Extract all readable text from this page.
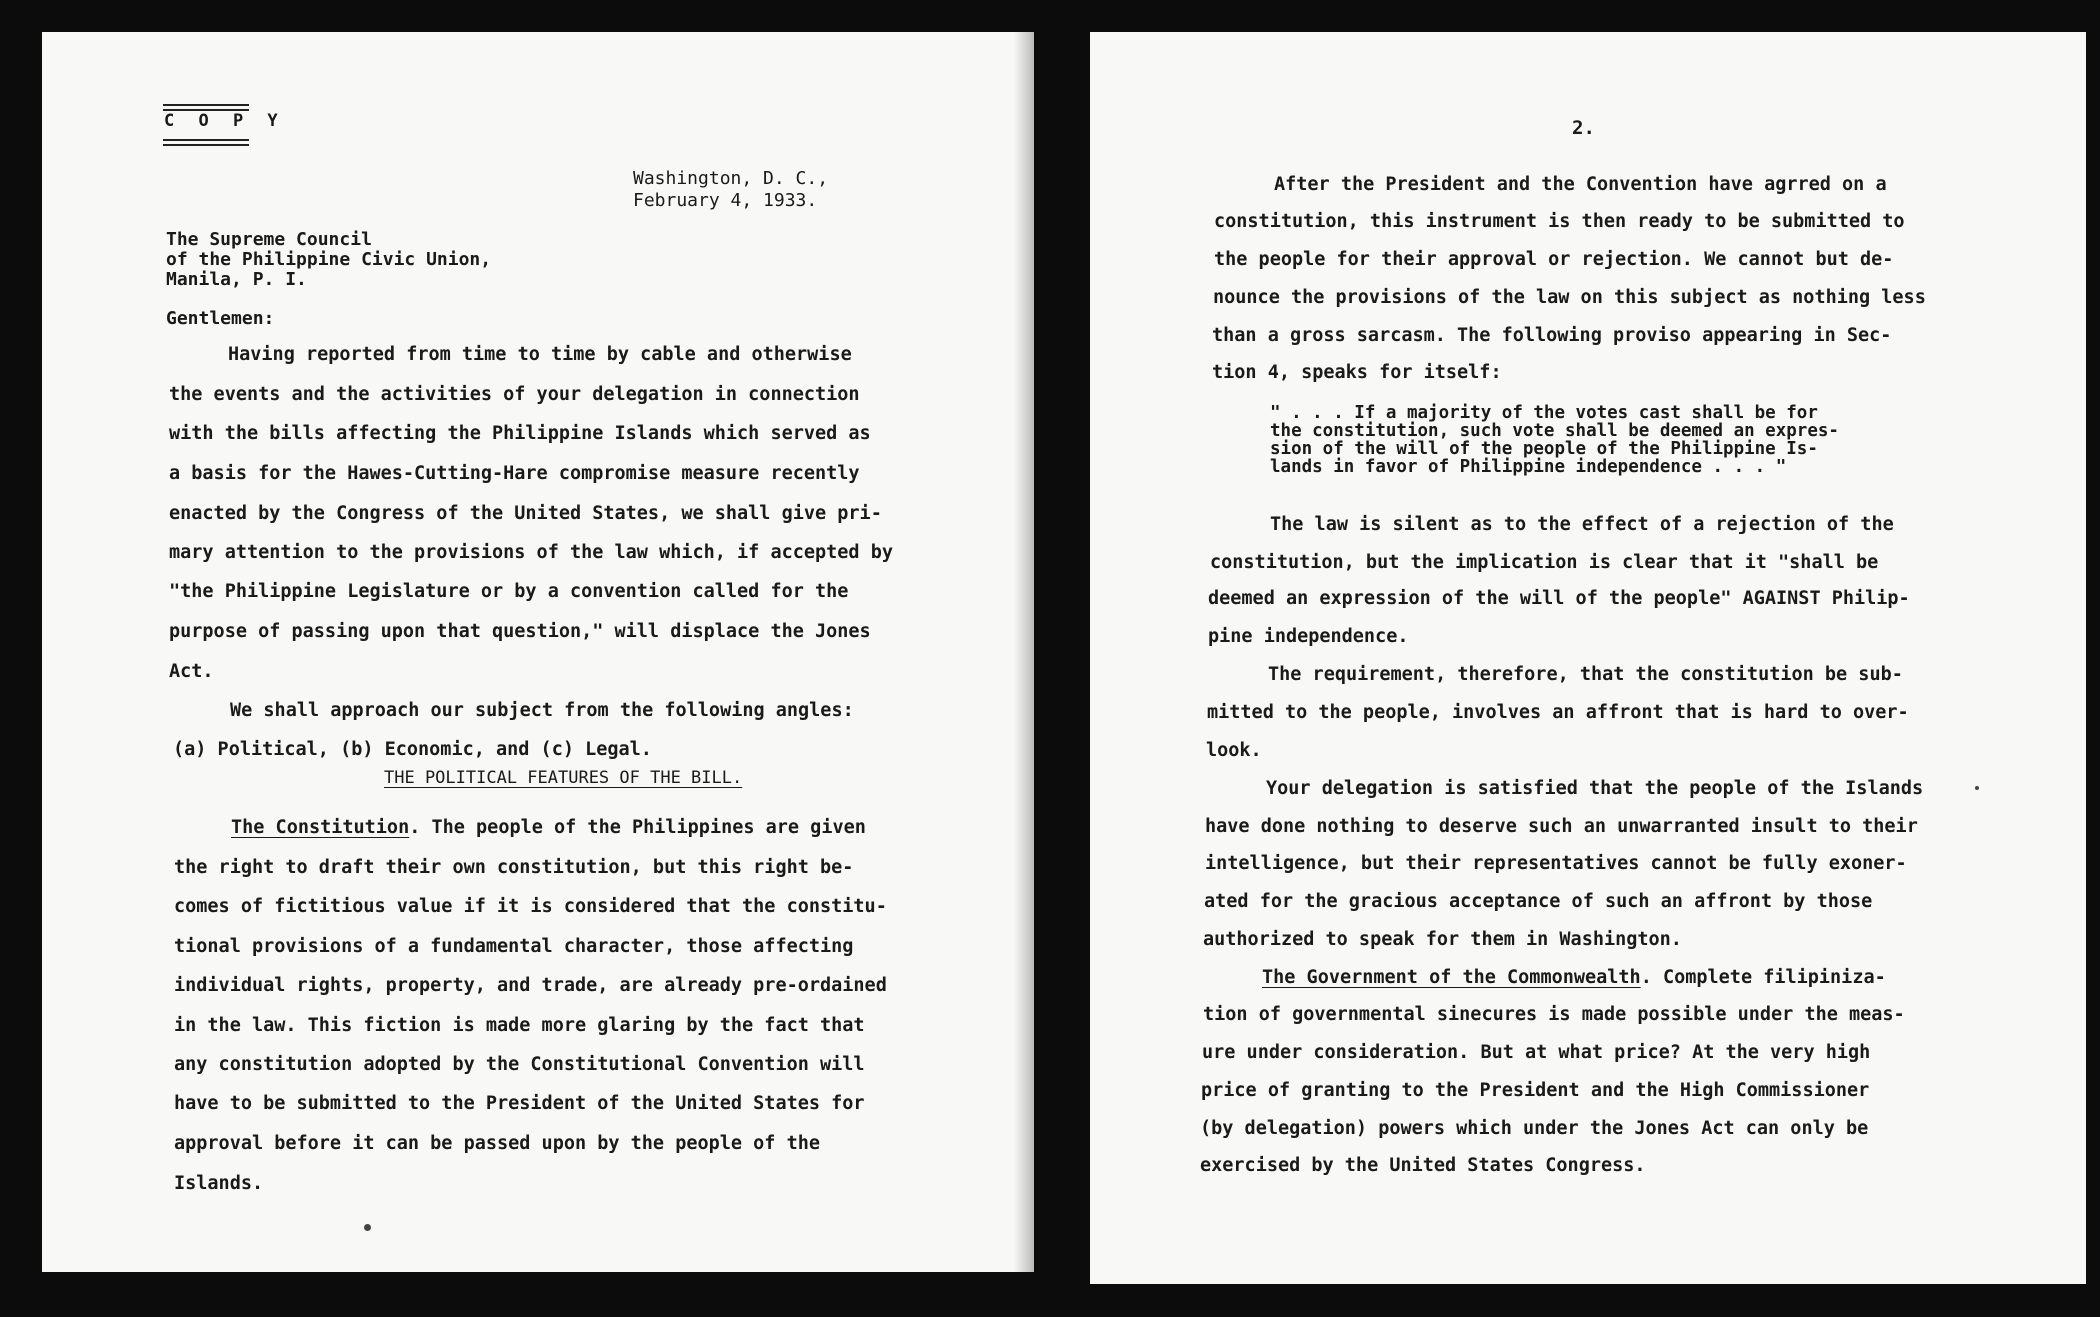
C O P Y
Washington, D. C.,
February 4, 1933.
The Supreme Council
of the Philippine Civic Union,
Manila, P. I.
Gentlemen:
Having reported from time to time by cable and otherwise
the events and the activities of your delegation in connection
with the bills affecting the Philippine Islands which served as
a basis for the Hawes-Cutting-Hare compromise measure recently
enacted by the Congress of the United States, we shall give pri-
mary attention to the provisions of the law which, if accepted by
"the Philippine Legislature or by a convention called for the
purpose of passing upon that question," will displace the Jones
Act.
We shall approach our subject from the following angles:
(a) Political, (b) Economic, and (c) Legal.
THE POLITICAL FEATURES OF THE BILL.
The Constitution. The people of the Philippines are given
the right to draft their own constitution, but this right be-
comes of fictitious value if it is considered that the constitu-
tional provisions of a fundamental character, those affecting
individual rights, property, and trade, are already pre-ordained
in the law. This fiction is made more glaring by the fact that
any constitution adopted by the Constitutional Convention will
have to be submitted to the President of the United States for
approval before it can be passed upon by the people of the
Islands.
2.
After the President and the Convention have agrred on a
constitution, this instrument is then ready to be submitted to
the people for their approval or rejection. We cannot but de-
nounce the provisions of the law on this subject as nothing less
than a gross sarcasm. The following proviso appearing in Sec-
tion 4, speaks for itself:
" . . . If a majority of the votes cast shall be for
the constitution, such vote shall be deemed an expres-
sion of the will of the people of the Philippine Is-
lands in favor of Philippine independence . . . "
The law is silent as to the effect of a rejection of the
constitution, but the implication is clear that it "shall be
deemed an expression of the will of the people" AGAINST Philip-
pine independence.
The requirement, therefore, that the constitution be sub-
mitted to the people, involves an affront that is hard to over-
look.
Your delegation is satisfied that the people of the Islands
have done nothing to deserve such an unwarranted insult to their
intelligence, but their representatives cannot be fully exoner-
ated for the gracious acceptance of such an affront by those
authorized to speak for them in Washington.
The Government of the Commonwealth. Complete filipiniza-
tion of governmental sinecures is made possible under the meas-
ure under consideration. But at what price? At the very high
price of granting to the President and the High Commissioner
(by delegation) powers which under the Jones Act can only be
exercised by the United States Congress.
